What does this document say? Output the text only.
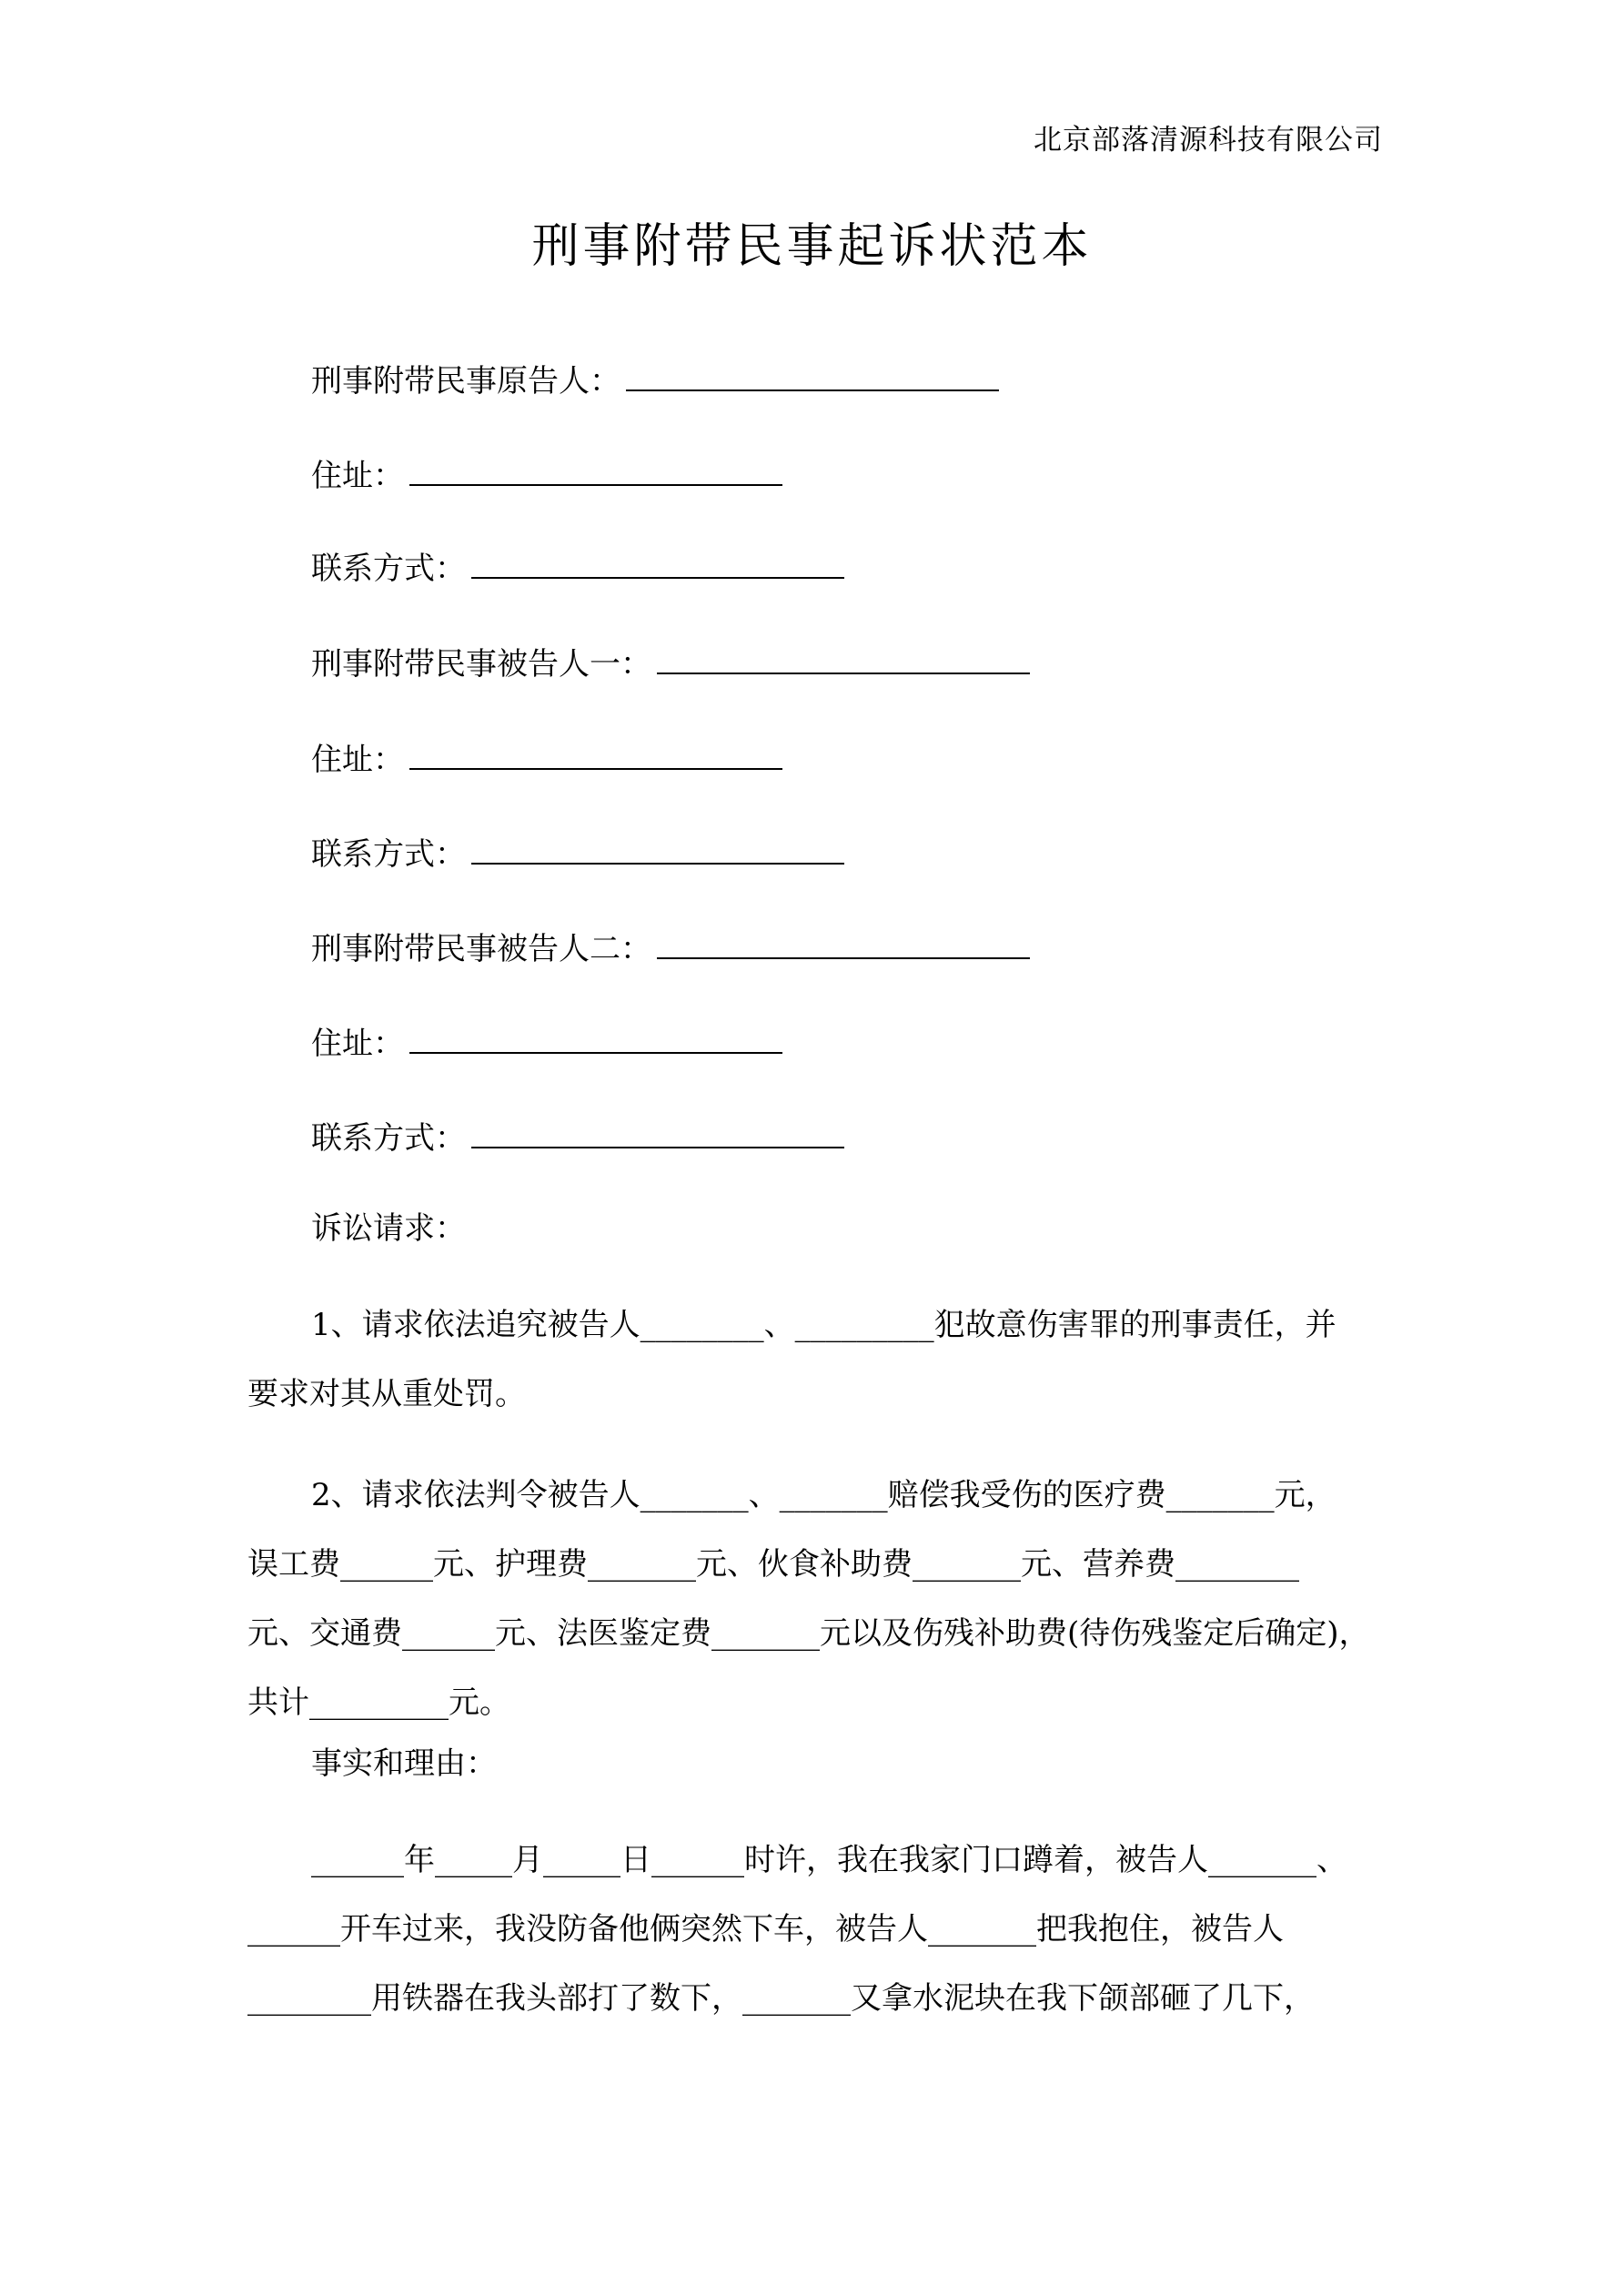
北京部落清源科技有限公司
刑事附带民事起诉状范本
刑事附带民事原告人：
住址：
联系方式：
刑事附带民事被告人一：
住址：
联系方式：
刑事附带民事被告人二：
住址：
联系方式：
诉讼请求：
1、请求依法追究被告人________、_________犯故意伤害罪的刑事责任，并
要求对其从重处罚。
2、请求依法判令被告人_______、_______赔偿我受伤的医疗费_______元，
误工费______元、护理费_______元、伙食补助费_______元、营养费________
元、交通费______元、法医鉴定费_______元以及伤残补助费(待伤残鉴定后确定)，
共计_________元。
事实和理由：
______年_____月_____日______时许，我在我家门口蹲着，被告人_______、
______开车过来，我没防备他俩突然下车，被告人_______把我抱住，被告人
________用铁器在我头部打了数下，_______又拿水泥块在我下颌部砸了几下，
